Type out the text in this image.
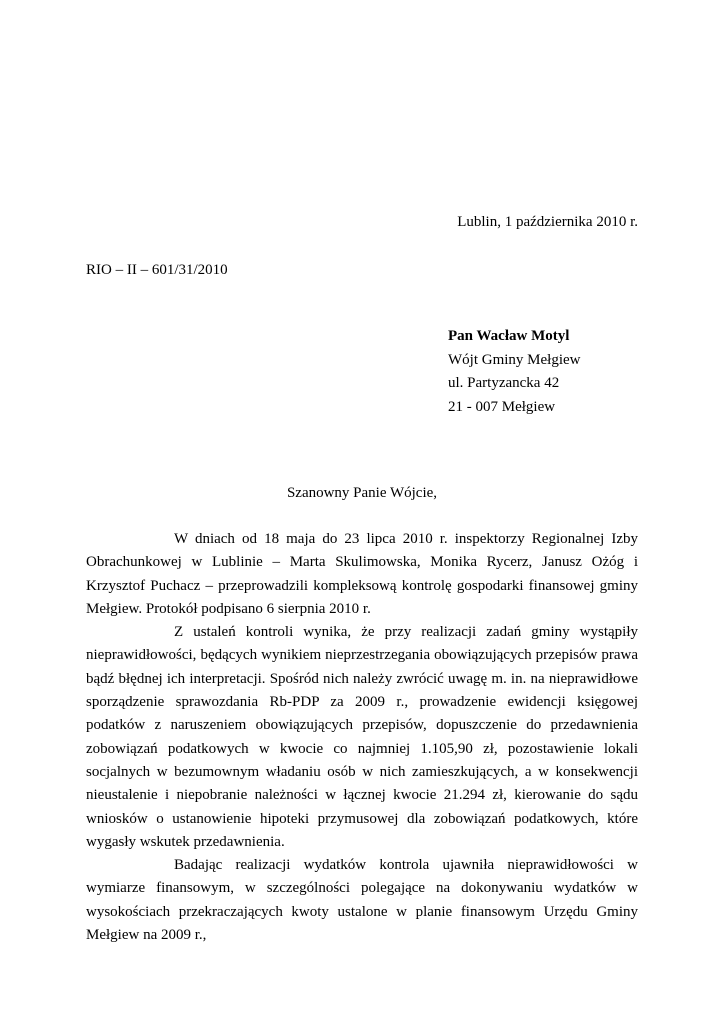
Lublin, 1 października 2010 r.
RIO – II – 601/31/2010
Pan Wacław Motyl
Wójt Gminy Mełgiew
ul. Partyzancka 42
21 - 007 Mełgiew
Szanowny Panie Wójcie,

W dniach od 18 maja do 23 lipca 2010 r. inspektorzy Regionalnej Izby Obrachunkowej w Lublinie – Marta Skulimowska, Monika Rycerz, Janusz Ożóg i Krzysztof Puchacz – przeprowadzili kompleksową kontrolę gospodarki finansowej gminy Mełgiew. Protokół podpisano 6 sierpnia 2010 r.

Z ustaleń kontroli wynika, że przy realizacji zadań gminy wystąpiły nieprawidłowości, będących wynikiem nieprzestrzegania obowiązujących przepisów prawa bądź błędnej ich interpretacji. Spośród nich należy zwrócić uwagę m. in. na nieprawidłowe sporządzenie sprawozdania Rb-PDP za 2009 r., prowadzenie ewidencji księgowej podatków z naruszeniem obowiązujących przepisów, dopuszczenie do przedawnienia zobowiązań podatkowych w kwocie co najmniej 1.105,90 zł, pozostawienie lokali socjalnych w bezumownym władaniu osób w nich zamieszkujących, a w konsekwencji nieustalenie i niepobranie należności w łącznej kwocie 21.294 zł, kierowanie do sądu wniosków o ustanowienie hipoteki przymusowej dla zobowiązań podatkowych, które wygasły wskutek przedawnienia.

Badając realizacji wydatków kontrola ujawniła nieprawidłowości w wymiarze finansowym, w szczególności polegające na dokonywaniu wydatków w wysokościach przekraczających kwoty ustalone w planie finansowym Urzędu Gminy Mełgiew na 2009 r.,
